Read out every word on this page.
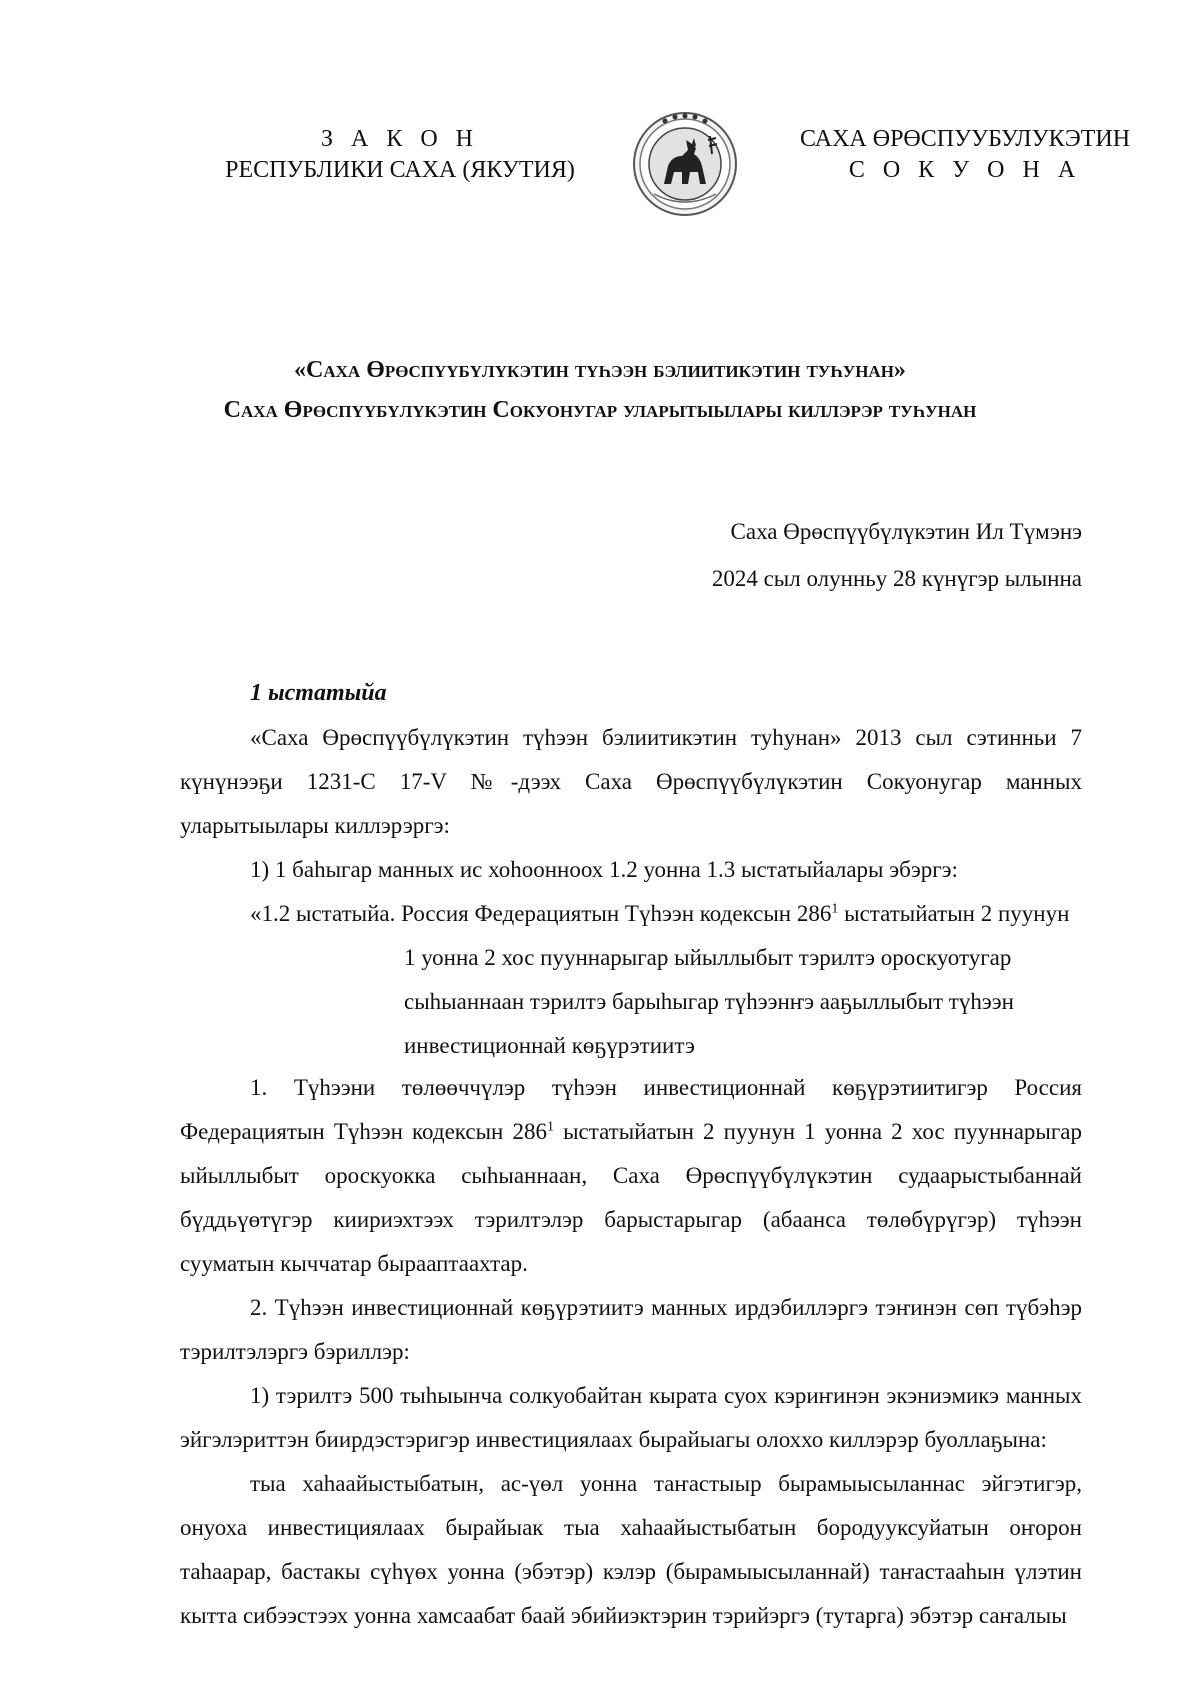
З А К О Н
РЕСПУБЛИКИ САХА (ЯКУТИЯ)
САХА ӨРӨСПУУБУЛУКЭТИН
С О К У О Н А
«Саха Өрөспүүбүлүкэтин түһээн бэлиитикэтин туһунан»
Саха Өрөспүүбүлүкэтин Сокуонугар уларытыылары киллэрэр туһунан
Саха Өрөспүүбүлүкэтин Ил Түмэнэ
2024 сыл олунньу 28 күнүгэр ылынна
1 ыстатыйа

«Саха Өрөспүүбүлүкэтин түһээн бэлиитикэтин туһунан» 2013 сыл сэтинньи 7 күнүнээҕи 1231-С 17-V №-дээх Саха Өрөспүүбүлүкэтин Сокуонугар манных уларытыылары киллэрэргэ:

1) 1 баһыгар манных ис хоһоонноох 1.2 уонна 1.3 ыстатыйалары эбэргэ:

«1.2 ыстатыйа. Россия Федерациятын Түһээн кодексын $286^1$ ыстатыйатын 2 пуунун

1 уонна 2 хос пууннарыгар ыйыллыбыт тэрилтэ ороскуотугар сыһыаннаан тэрилтэ барыһыгар түһээнҥэ ааҕыллыбыт түһээн инвестиционнай көҕүрэтиитэ

1. Түһээни төлөөччүлэр түһээн инвестиционнай көҕүрэтиитигэр Россия Федерациятын Түһээн кодексын $286^1$ ыстатыйатын 2 пуунун 1 уонна 2 хос пууннарыгар ыйыллыбыт ороскуокка сыһыаннаан, Саха Өрөспүүбүлүкэтин судаарыстыбаннай бүддьүөтүгэр киириэхтээх тэрилтэлэр барыстарыгар (абаанса төлөбүрүгэр) түһээн сууматын кыччатар бырааптаахтар.

2. Түһээн инвестиционнай көҕүрэтиитэ манных ирдэбиллэргэ тэҥинэн сөп түбэһэр тэрилтэлэргэ бэриллэр:

1) тэрилтэ 500 тыһыынча солкуобайтан кырата суох кэриҥинэн экэниэмикэ манных эйгэлэриттэн биирдэстэригэр инвестициялаах бырайыагы олоххо киллэрэр буоллаҕына:

тыа хаһаайыстыбатын, ас-үөл уонна таҥастыыр бырамыысыланнас эйгэтигэр, онуоха инвестициялаах бырайыак тыа хаһаайыстыбатын бородууксуйатын оҥорон таһаарар, бастакы сүһүөх уонна (эбэтэр) кэлэр (бырамыысыланнай) таҥастааһын үлэтин кытта сибээстээх уонна хамсаабат баай эбийиэктэрин тэрийэргэ (тутарга) эбэтэр саҥалыы
